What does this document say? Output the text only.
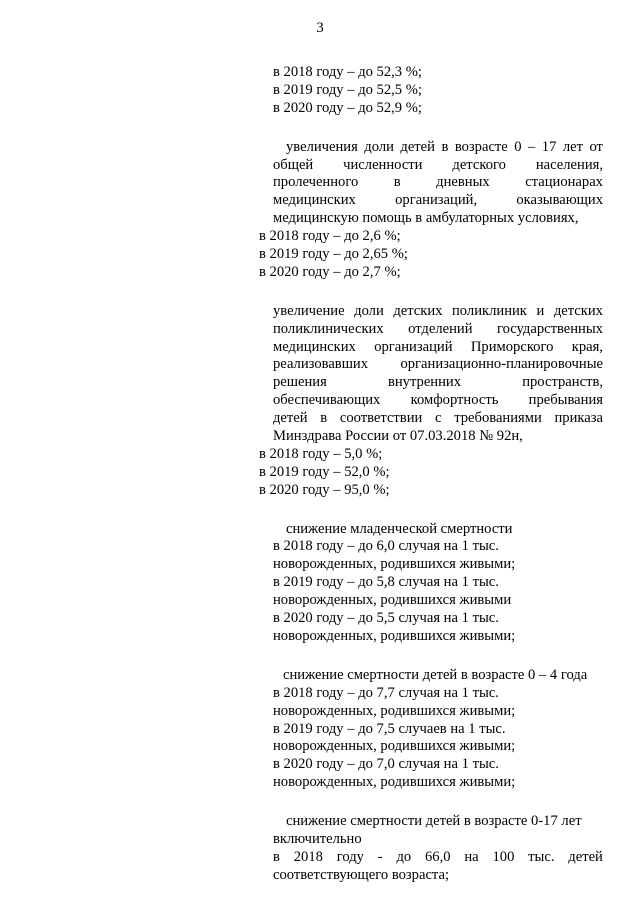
3
в 2018 году – до 52,3 %;
в 2019 году – до 52,5 %;
в 2020 году – до 52,9 %;
увеличения доли детей в возрасте 0 – 17 лет от
общей численности детского населения,
пролеченного в дневных стационарах
медицинских	организаций,	оказывающих
медицинскую помощь в амбулаторных условиях,
в 2018 году – до 2,6 %;
в 2019 году – до 2,65 %;
в 2020 году – до 2,7 %;
увеличение доли детских поликлиник и детских
поликлинических отделений государственных
медицинских организаций Приморского края,
реализовавших организационно-планировочные
решения	внутренних	пространств,
обеспечивающих комфортность пребывания
детей в соответствии с требованиями приказа
Минздрава России от 07.03.2018 № 92н,
в 2018 году – 5,0 %;
в 2019 году – 52,0 %;
в 2020 году – 95,0 %;
снижение младенческой смертности
в 2018 году – до 6,0 случая на 1 тыс.
новорожденных, родившихся живыми;
в 2019 году – до 5,8 случая на 1 тыс.
новорожденных, родившихся живыми
в 2020 году – до 5,5 случая на 1 тыс.
новорожденных, родившихся живыми;
снижение смертности детей в возрасте 0 – 4 года
в 2018 году – до 7,7 случая на 1 тыс.
новорожденных, родившихся живыми;
в 2019 году – до 7,5 случаев на 1 тыс.
новорожденных, родившихся живыми;
в 2020 году – до 7,0 случая на 1 тыс.
новорожденных, родившихся живыми;
снижение смертности детей в возрасте 0-17 лет
включительно
в 2018 году - до 66,0 на 100 тыс. детей
соответствующего возраста;
